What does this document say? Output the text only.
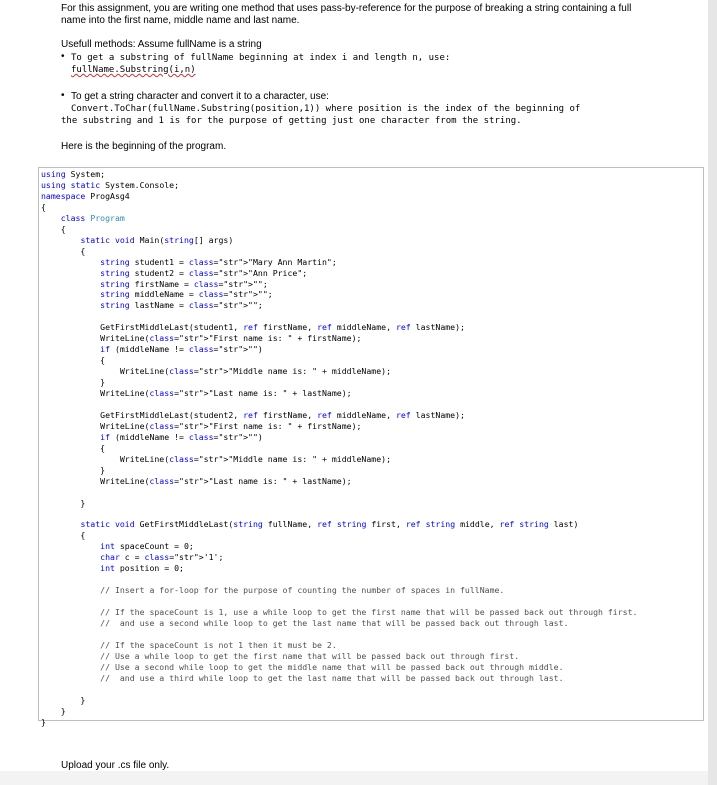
For this assignment, you are writing one method that uses pass-by-reference for the purpose of breaking a string containing a full
name into the first name, middle name and last name.
Usefull methods: Assume fullName is a string
• To get a substring of fullName beginning at index i and length n, use:
fullName.Substring(i,n)
• To get a string character and convert it to a character, use:
Convert.ToChar(fullName.Substring(position,1)) where position is the index of the beginning of
the substring and 1 is for the purpose of getting just one character from the string.
Here is the beginning of the program.
using System;
using static System.Console;
namespace ProgAsg4
{
class Program
{
static void Main(string[] args)
{
string student1 = class="str">"Mary Ann Martin";
string student2 = class="str">"Ann Price";
string firstName = class="str">"";
string middleName = class="str">"";
string lastName = class="str">"";
GetFirstMiddleLast(student1, ref firstName, ref middleName, ref lastName);
WriteLine(class="str">"First name is: " + firstName);
if (middleName != class="str">"")
{
WriteLine(class="str">"Middle name is: " + middleName);
}
WriteLine(class="str">"Last name is: " + lastName);
GetFirstMiddleLast(student2, ref firstName, ref middleName, ref lastName);
WriteLine(class="str">"First name is: " + firstName);
if (middleName != class="str">"")
{
WriteLine(class="str">"Middle name is: " + middleName);
}
WriteLine(class="str">"Last name is: " + lastName);
}
static void GetFirstMiddleLast(string fullName, ref string first, ref string middle, ref string last)
{
int spaceCount = 0;
char c = class="str">'1';
int position = 0;
// Insert a for-loop for the purpose of counting the number of spaces in fullName.
// If the spaceCount is 1, use a while loop to get the first name that will be passed back out through first.
//  and use a second while loop to get the last name that will be passed back out through last.
// If the spaceCount is not 1 then it must be 2.
// Use a while loop to get the first name that will be passed back out through first.
// Use a second while loop to get the middle name that will be passed back out through middle.
//  and use a third while loop to get the last name that will be passed back out through last.
}
}
}
Upload your .cs file only.
